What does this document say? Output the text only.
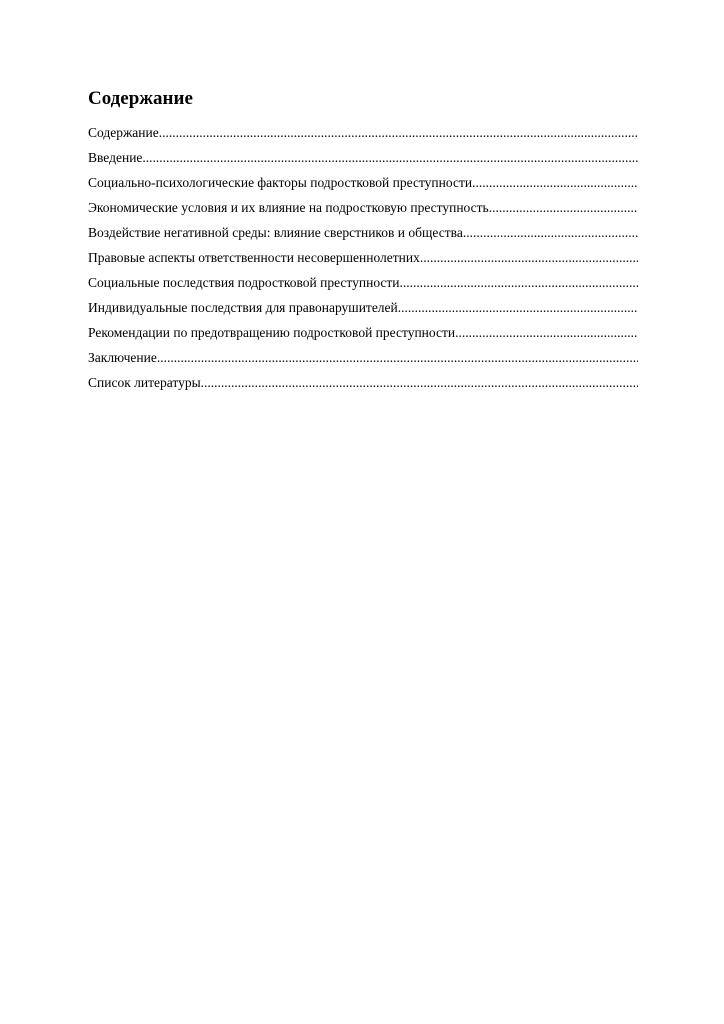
Содержание
Содержание
.....
Введение
.....
Социально-психологические факторы подростковой преступности
.....
Экономические условия и их влияние на подростковую преступность
.....
Воздействие негативной среды: влияние сверстников и общества
.....
Правовые аспекты ответственности несовершеннолетних
.....
Социальные последствия подростковой преступности
.....
Индивидуальные последствия для правонарушителей
.....
Рекомендации по предотвращению подростковой преступности
.....
Заключение
.....
Список литературы
.....
